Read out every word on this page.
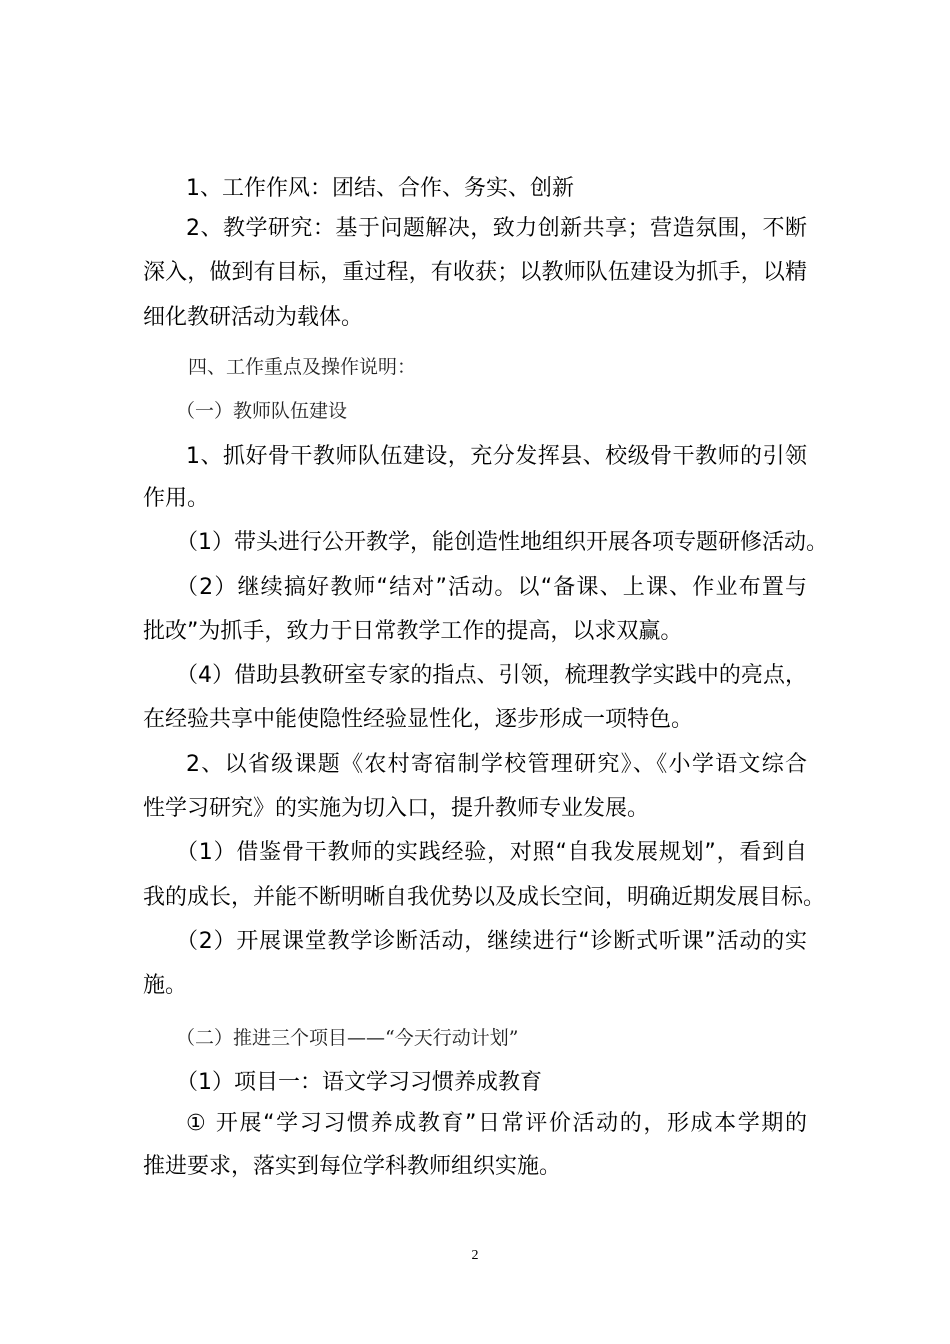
1、工作作风：团结、合作、务实、创新
2、教学研究：基于问题解决，致力创新共享；营造氛围，不断
深入，做到有目标，重过程，有收获；以教师队伍建设为抓手，以精
细化教研活动为载体。
四、工作重点及操作说明：
（一）教师队伍建设
1、抓好骨干教师队伍建设，充分发挥县、校级骨干教师的引领
作用。
（1）带头进行公开教学，能创造性地组织开展各项专题研修活动。
（2）继续搞好教师“结对”活动。以“备课、上课、作业布置与
批改”为抓手，致力于日常教学工作的提高，以求双赢。
（4）借助县教研室专家的指点、引领，梳理教学实践中的亮点，
在经验共享中能使隐性经验显性化，逐步形成一项特色。
2、以省级课题《农村寄宿制学校管理研究》、《小学语文综合
性学习研究》的实施为切入口，提升教师专业发展。
（1）借鉴骨干教师的实践经验，对照“自我发展规划”，看到自
我的成长，并能不断明晰自我优势以及成长空间，明确近期发展目标。
（2）开展课堂教学诊断活动，继续进行“诊断式听课”活动的实
施。
（二）推进三个项目——“今天行动计划”
（1）项目一：语文学习习惯养成教育
① 开展“学习习惯养成教育”日常评价活动的，形成本学期的
推进要求，落实到每位学科教师组织实施。
2
